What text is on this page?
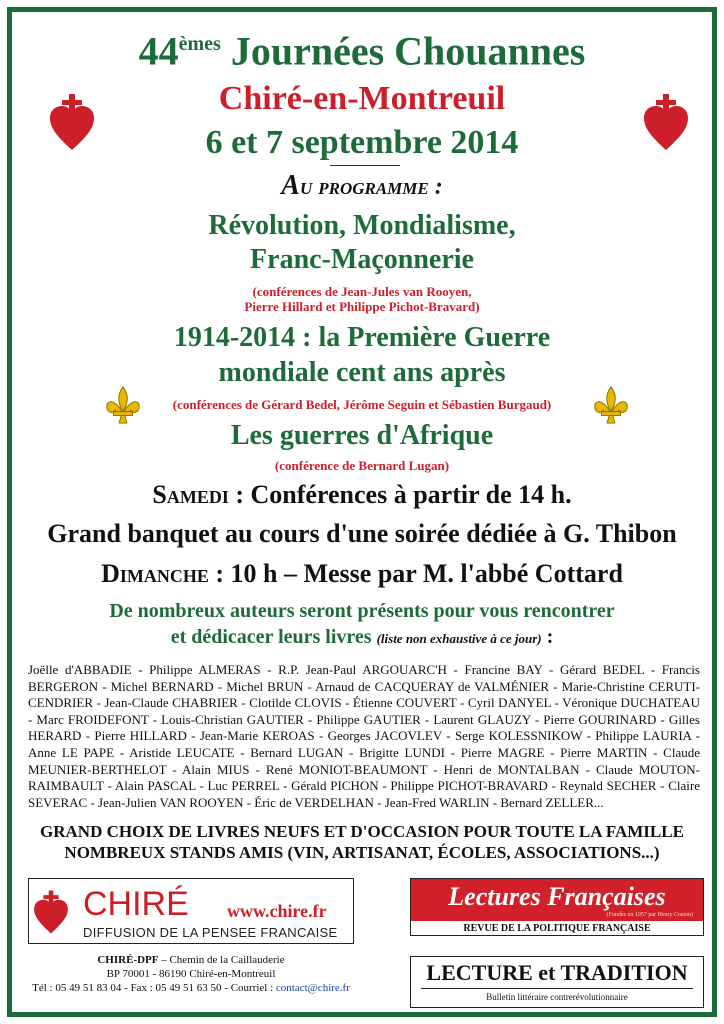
44èmes Journées Chouannes
Chiré-en-Montreuil
6 et 7 septembre 2014
Au programme :
Révolution, Mondialisme,
Franc-Maçonnerie
(conférences de Jean-Jules van Rooyen,
Pierre Hillard et Philippe Pichot-Bravard)
1914-2014 : la Première Guerre
mondiale cent ans après
(conférences de Gérard Bedel, Jérôme Seguin et Sébastien Burgaud)
Les guerres d'Afrique
(conférence de Bernard Lugan)
Samedi : Conférences à partir de 14 h.
Grand banquet au cours d'une soirée dédiée à G. Thibon
Dimanche : 10 h – Messe par M. l'abbé Cottard
De nombreux auteurs seront présents pour vous rencontrer
et dédicacer leurs livres (liste non exhaustive à ce jour) :
Joëlle d'ABBADIE - Philippe ALMERAS - R.P. Jean-Paul ARGOUARC'H - Francine BAY - Gérard BEDEL - Francis BERGERON - Michel BERNARD - Michel BRUN - Arnaud de CACQUERAY de VALMÉNIER - Marie-Christine CERUTI-CENDRIER - Jean-Claude CHABRIER - Clotilde CLOVIS - Étienne COUVERT - Cyril DANYEL - Véronique DUCHATEAU - Marc FROIDEFONT - Louis-Christian GAUTIER - Philippe GAUTIER - Laurent GLAUZY - Pierre GOURINARD - Gilles HERARD - Pierre HILLARD - Jean-Marie KEROAS - Georges JACOVLEV - Serge KOLESSNIKOW - Philippe LAURIA - Anne LE PAPE - Aristide LEUCATE - Bernard LUGAN - Brigitte LUNDI - Pierre MAGRE - Pierre MARTIN - Claude MEUNIER-BERTHELOT - Alain MIUS - René MONIOT-BEAUMONT - Henri de MONTALBAN - Claude MOUTON-RAIMBAULT - Alain PASCAL - Luc PERREL - Gérald PICHON - Philippe PICHOT-BRAVARD - Reynald SECHER - Claire SEVERAC - Jean-Julien VAN ROOYEN - Éric de VERDELHAN - Jean-Fred WARLIN - Bernard ZELLER...
GRAND CHOIX DE LIVRES NEUFS ET D'OCCASION POUR TOUTE LA FAMILLE
NOMBREUX STANDS AMIS (VIN, ARTISANAT, ÉCOLES, ASSOCIATIONS...)
CHIRÉ
DIFFUSION DE LA PENSEE FRANCAISE
www.chire.fr
CHIRÉ-DPF – Chemin de la Caillauderie
BP 70001 - 86190 Chiré-en-Montreuil
Tél : 05 49 51 83 04 - Fax : 05 49 51 63 50 - Courriel : contact@chire.fr
Lectures Françaises
(Fondée en 1957 par Henry Coston)
REVUE DE LA POLITIQUE FRANÇAISE
LECTURE et TRADITION
Bulletin littéraire contrerévolutionnaire
